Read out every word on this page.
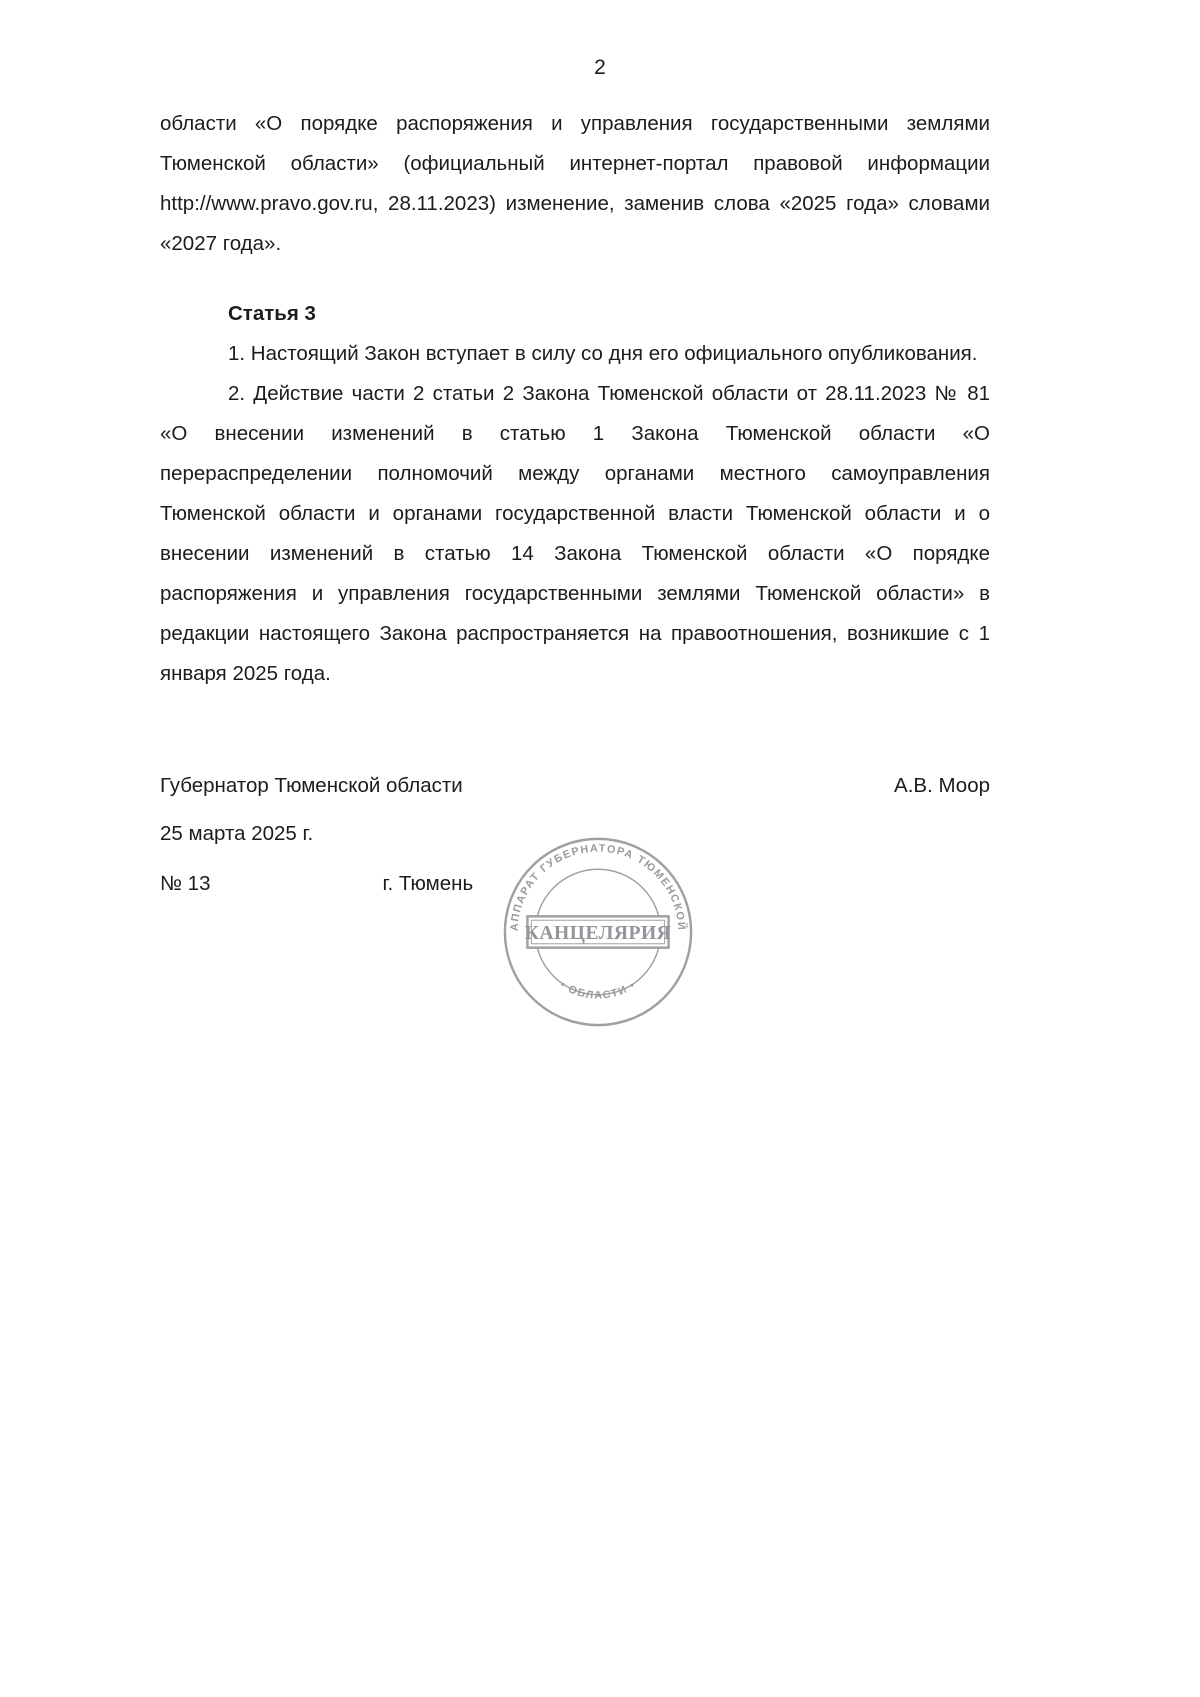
2

области «О порядке распоряжения и управления государственными землями Тюменской области» (официальный интернет-портал правовой информации http://www.pravo.gov.ru, 28.11.2023) изменение, заменив слова «2025 года» словами «2027 года».

Статья 3

1. Настоящий Закон вступает в силу со дня его официального опубликования.

2. Действие части 2 статьи 2 Закона Тюменской области от 28.11.2023 № 81 «О внесении изменений в статью 1 Закона Тюменской области «О перераспределении полномочий между органами местного самоуправления Тюменской области и органами государственной власти Тюменской области и о внесении изменений в статью 14 Закона Тюменской области «О порядке распоряжения и управления государственными землями Тюменской области» в редакции настоящего Закона распространяется на правоотношения, возникшие с 1 января 2025 года.

Губернатор Тюменской области	А.В. Моор
25 марта 2025 г.
№ 13	г. Тюмень
АППАРАТ ГУБЕРНАТОРА ТЮМЕНСКОЙ
• ОБЛАСТИ •
КАНЦЕЛЯРИЯ
